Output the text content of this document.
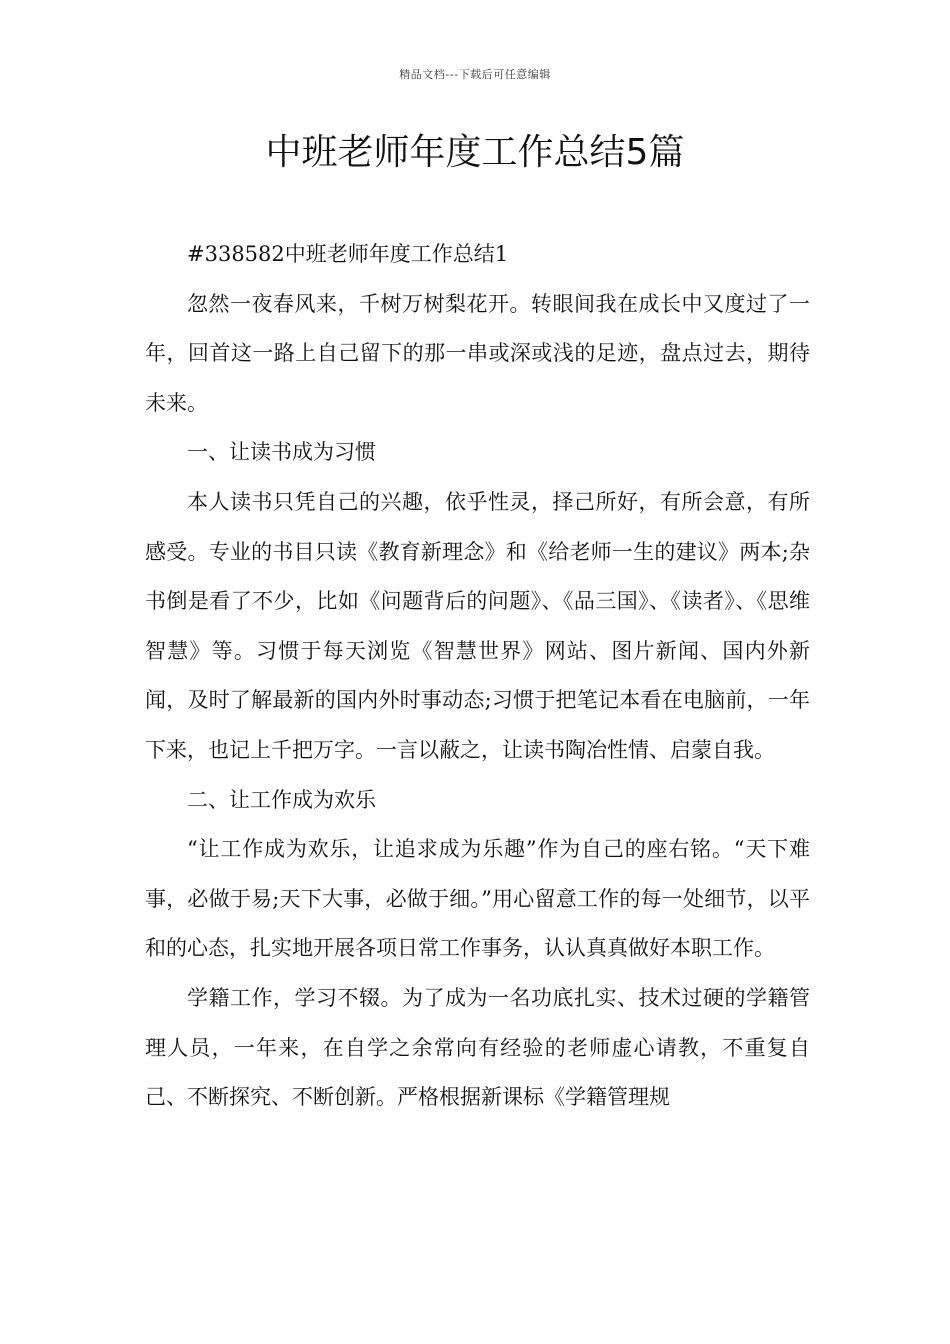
精品文档---下载后可任意编辑
中班老师年度工作总结5篇

#338582中班老师年度工作总结1

忽然一夜春风来，千树万树梨花开。转眼间我在成长中又度过了一年，回首这一路上自己留下的那一串或深或浅的足迹，盘点过去，期待未来。

一、让读书成为习惯

本人读书只凭自己的兴趣，依乎性灵，择己所好，有所会意，有所感受。专业的书目只读《教育新理念》和《给老师一生的建议》两本;杂书倒是看了不少，比如《问题背后的问题》、《品三国》、《读者》、《思维智慧》等。习惯于每天浏览《智慧世界》网站、图片新闻、国内外新闻，及时了解最新的国内外时事动态;习惯于把笔记本看在电脑前，一年下来，也记上千把万字。一言以蔽之，让读书陶冶性情、启蒙自我。

二、让工作成为欢乐

“让工作成为欢乐，让追求成为乐趣”作为自己的座右铭。“天下难事，必做于易;天下大事，必做于细。”用心留意工作的每一处细节，以平和的心态，扎实地开展各项日常工作事务，认认真真做好本职工作。

学籍工作，学习不辍。为了成为一名功底扎实、技术过硬的学籍管理人员，一年来，在自学之余常向有经验的老师虚心请教，不重复自己、不断探究、不断创新。严格根据新课标《学籍管理规
